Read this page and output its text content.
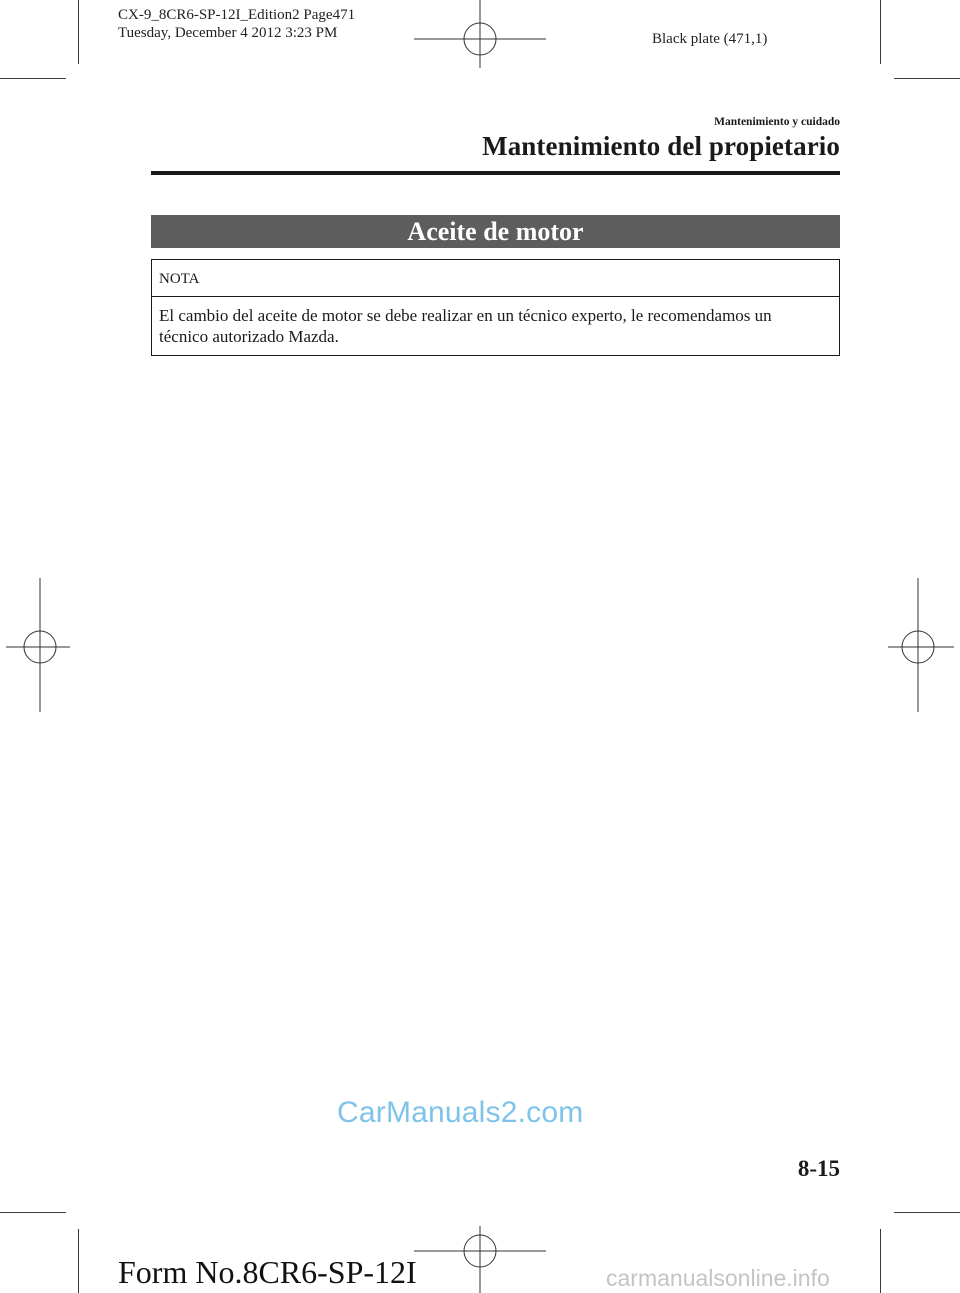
CX-9_8CR6-SP-12I_Edition2 Page471
Tuesday, December 4 2012 3:23 PM	Black plate (471,1)
Mantenimiento y cuidado
Mantenimiento del propietario
Aceite de motor
NOTA
El cambio del aceite de motor se debe realizar en un técnico experto, le recomendamos un técnico autorizado Mazda.
CarManuals2.com
8-15
Form No.8CR6-SP-12I	carmanualsonline.info
